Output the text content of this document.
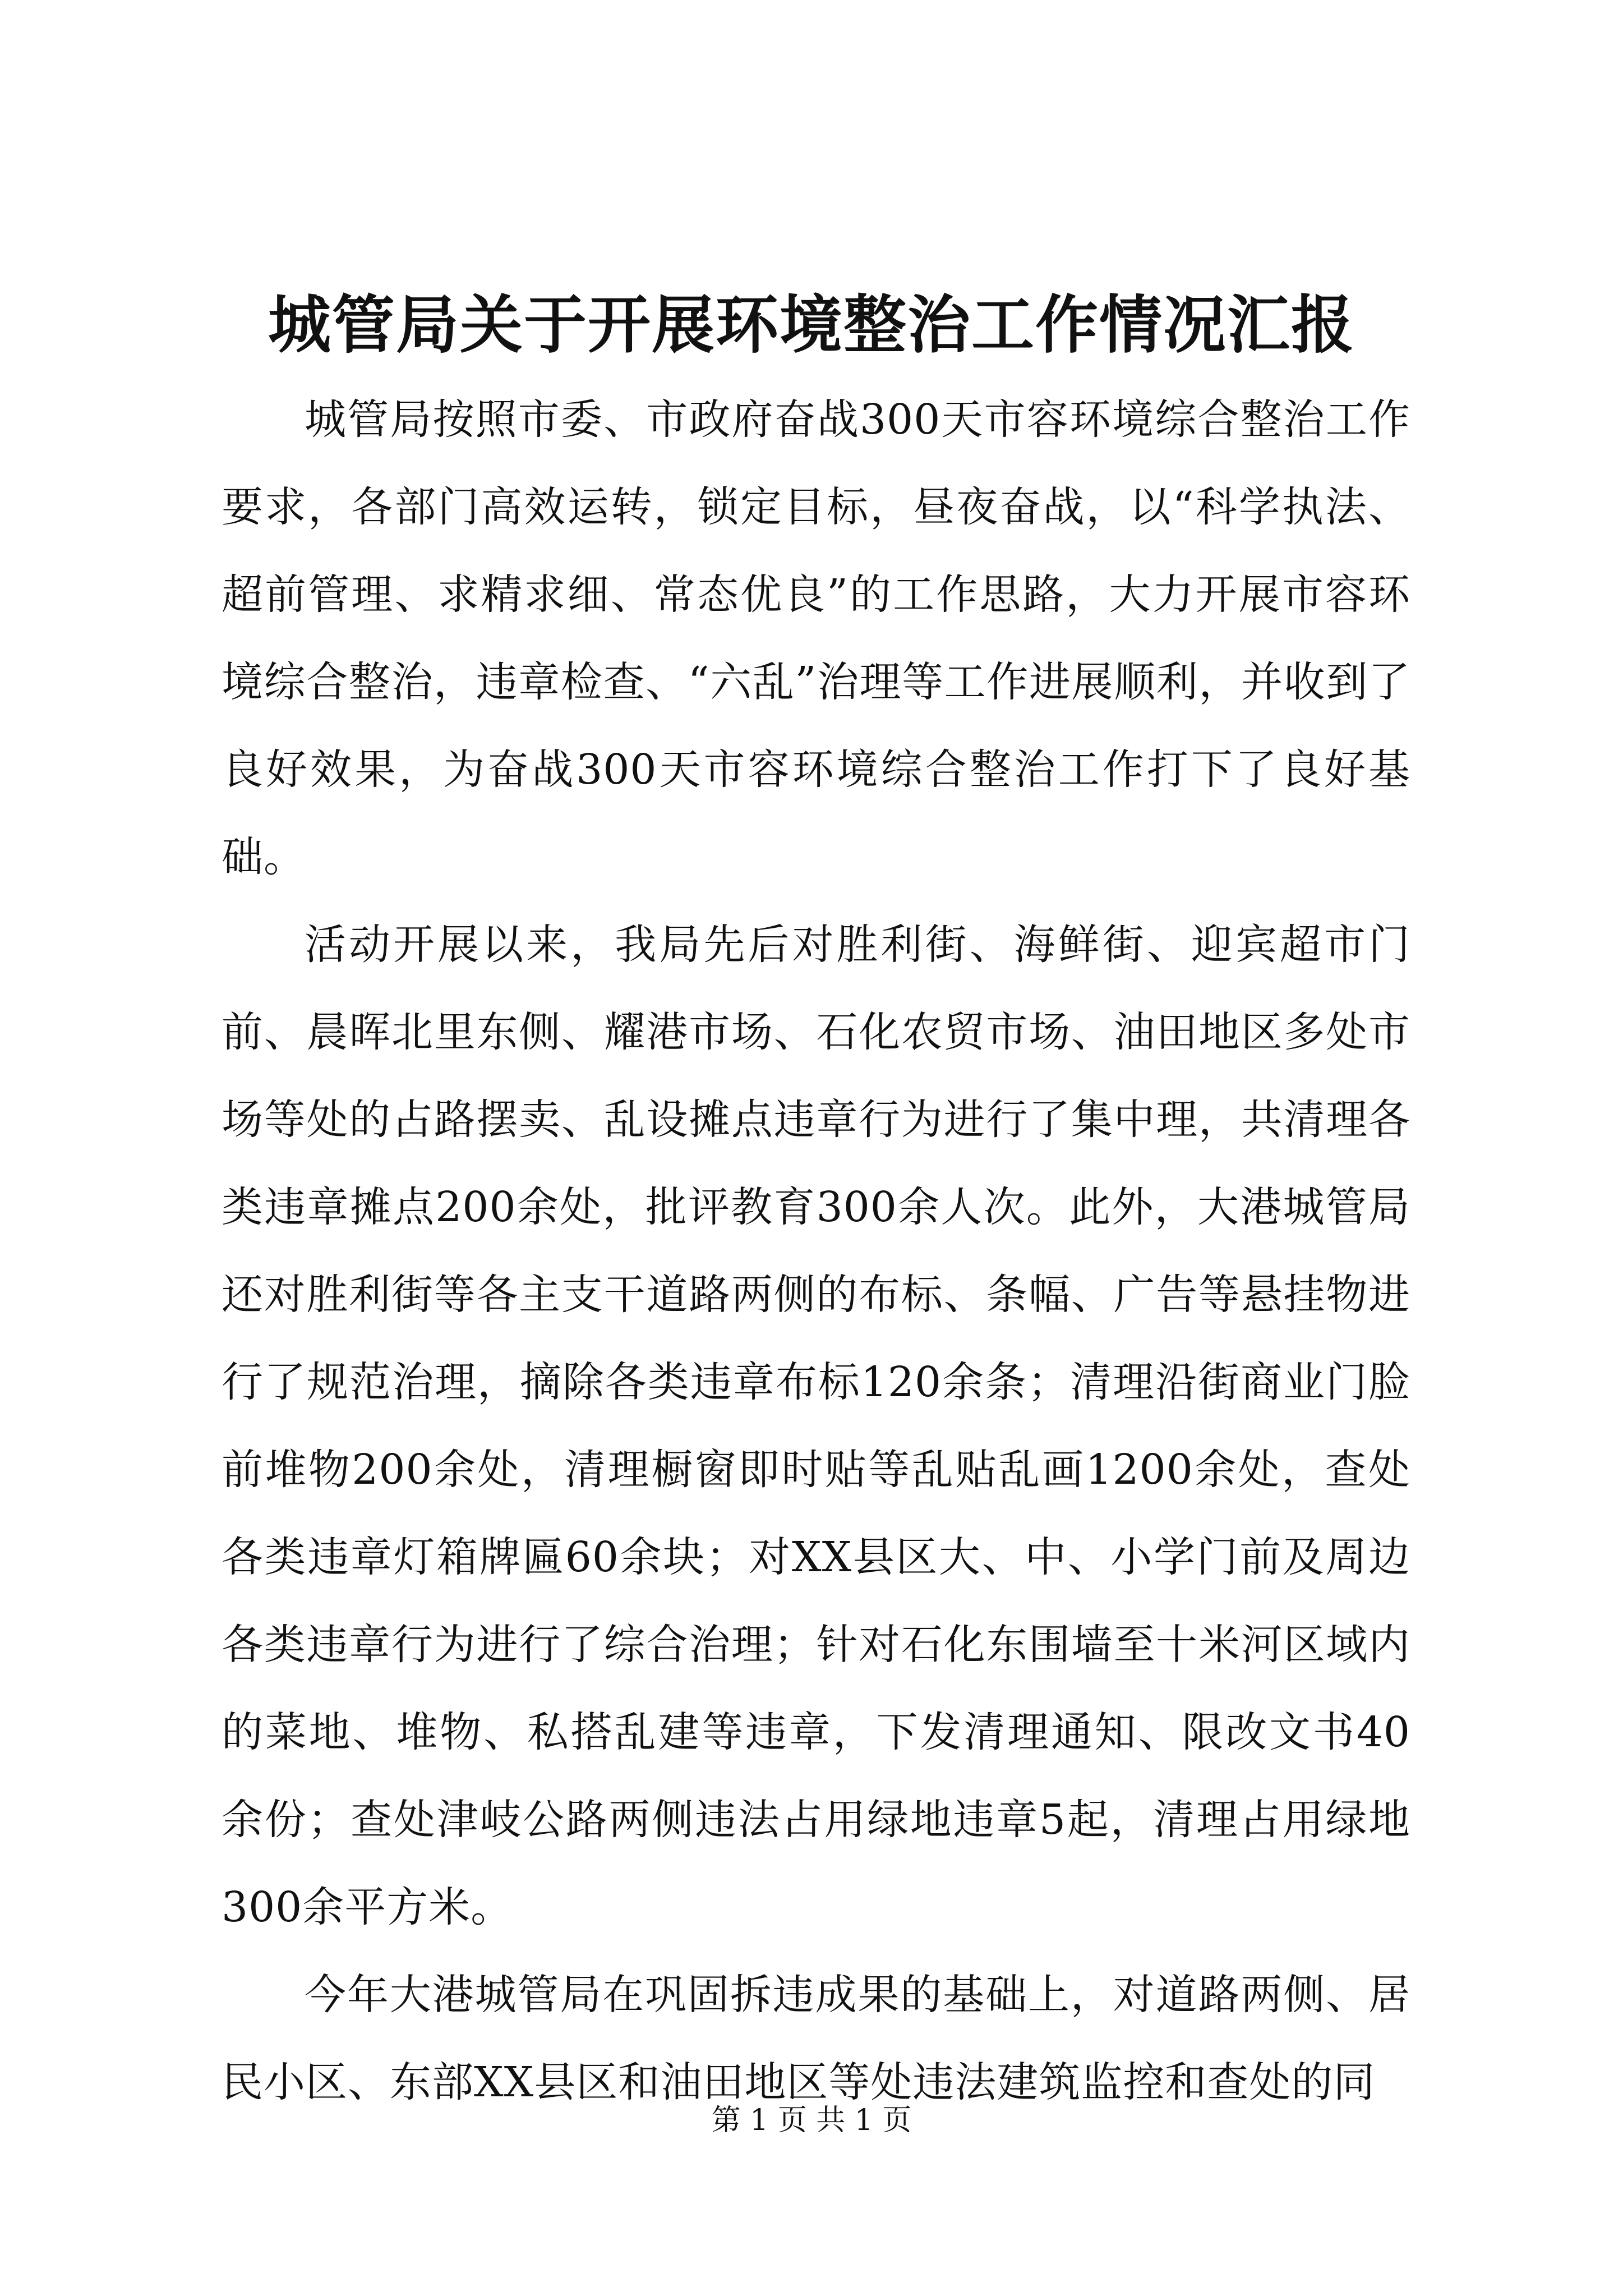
城管局关于开展环境整治工作情况汇报

城管局按照市委、市政府奋战300天市容环境综合整治工作要求，各部门高效运转，锁定目标，昼夜奋战，以“科学执法、超前管理、求精求细、常态优良”的工作思路，大力开展市容环境综合整治，违章检查、“六乱”治理等工作进展顺利，并收到了良好效果，为奋战300天市容环境综合整治工作打下了良好基础。

活动开展以来，我局先后对胜利街、海鲜街、迎宾超市门前、晨晖北里东侧、耀港市场、石化农贸市场、油田地区多处市场等处的占路摆卖、乱设摊点违章行为进行了集中理，共清理各类违章摊点200余处，批评教育300余人次。此外，大港城管局还对胜利街等各主支干道路两侧的布标、条幅、广告等悬挂物进行了规范治理，摘除各类违章布标120余条；清理沿街商业门脸前堆物200余处，清理橱窗即时贴等乱贴乱画1200余处，查处各类违章灯箱牌匾60余块；对XX县区大、中、小学门前及周边各类违章行为进行了综合治理；针对石化东围墙至十米河区域内的菜地、堆物、私搭乱建等违章，下发清理通知、限改文书40余份；查处津岐公路两侧违法占用绿地违章5起，清理占用绿地300余平方米。

今年大港城管局在巩固拆违成果的基础上，对道路两侧、居民小区、东部XX县区和油田地区等处违法建筑监控和查处的同

第 1 页 共 1 页
